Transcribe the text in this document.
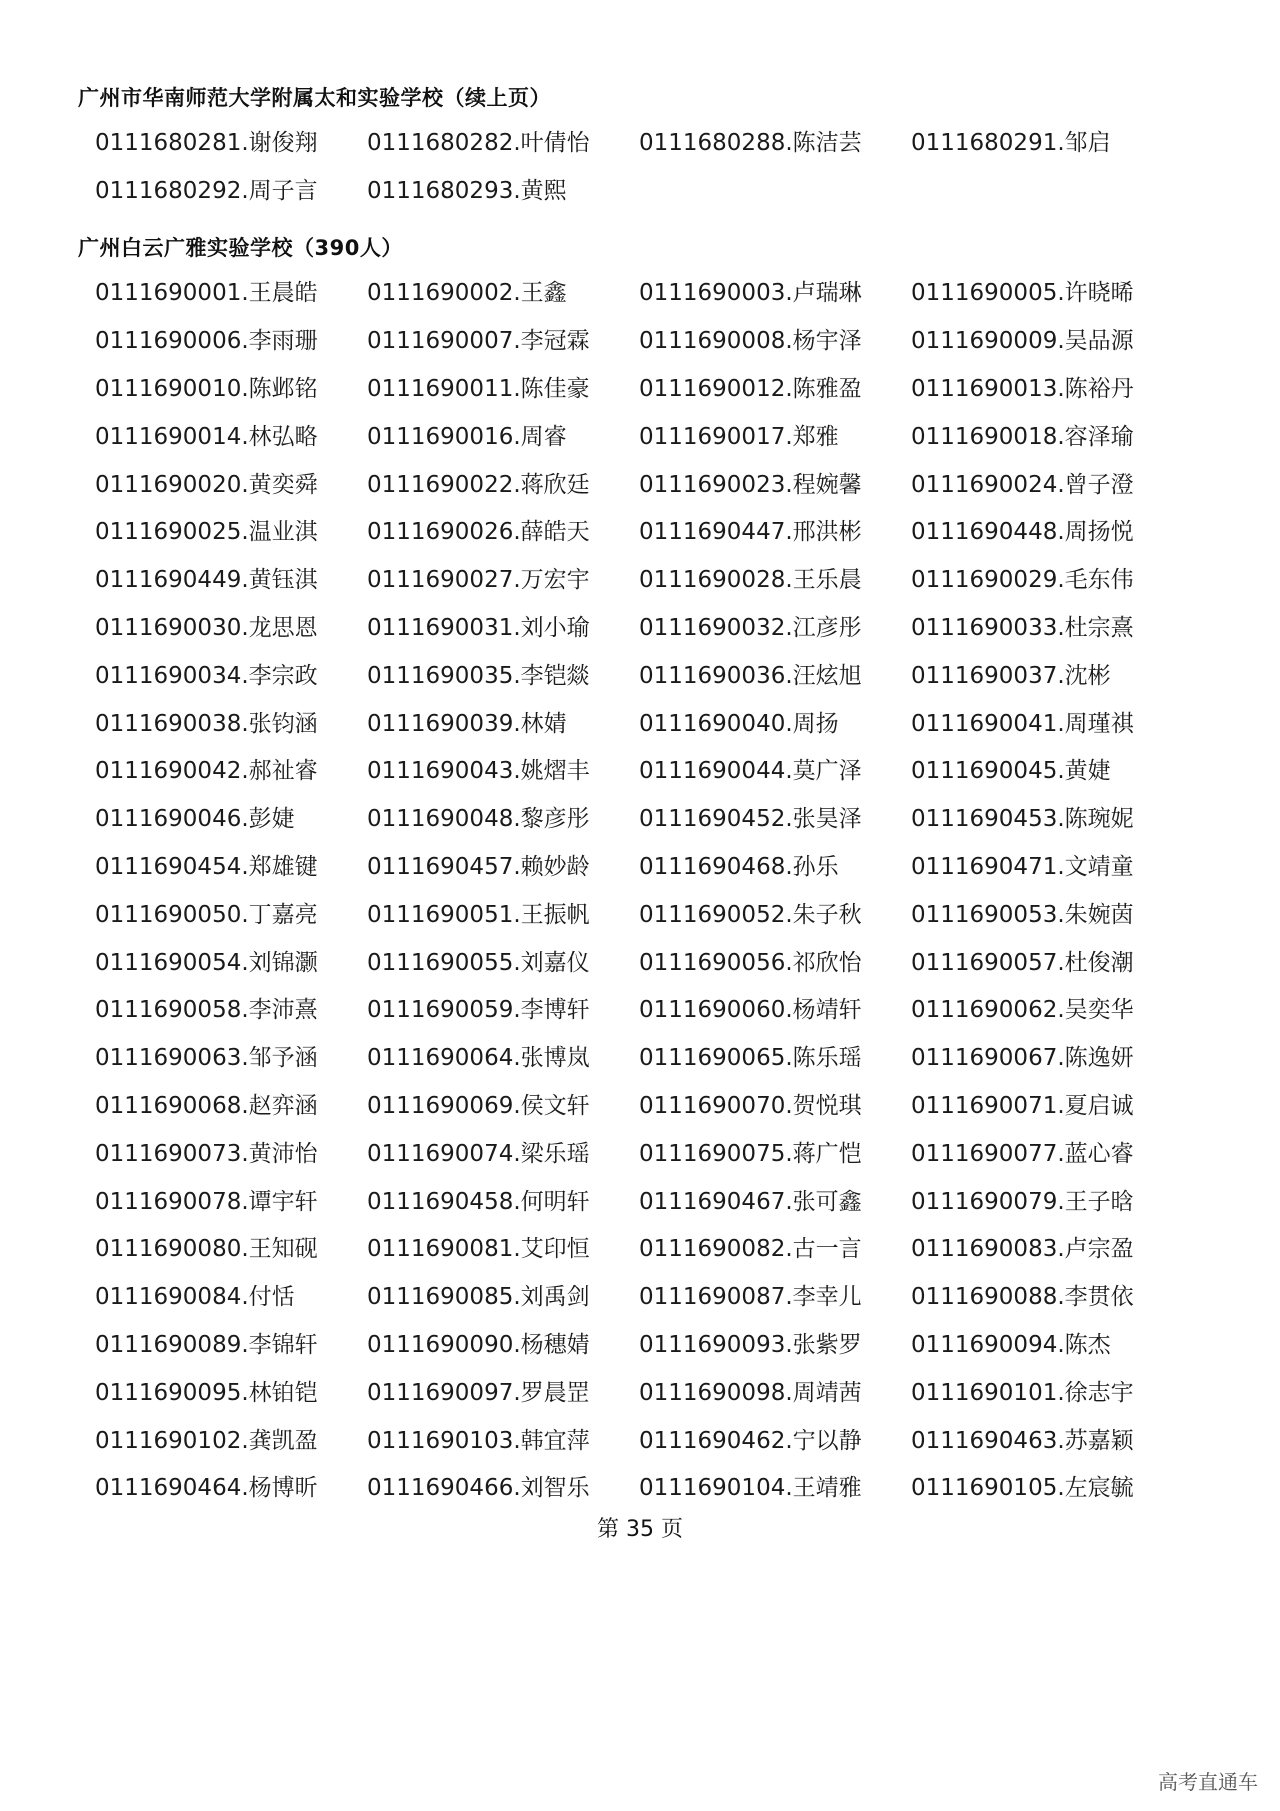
广州市华南师范大学附属太和实验学校（续上页）
0111680281.谢俊翔	0111680282.叶倩怡	0111680288.陈洁芸	0111680291.邹启
0111680292.周子言	0111680293.黄熙
广州白云广雅实验学校（390人）
0111690001.王晨皓	0111690002.王鑫	0111690003.卢瑞琳	0111690005.许晓晞
0111690006.李雨珊	0111690007.李冠霖	0111690008.杨宇泽	0111690009.吴品源
0111690010.陈邺铭	0111690011.陈佳豪	0111690012.陈雅盈	0111690013.陈裕丹
0111690014.林弘略	0111690016.周睿	0111690017.郑雅	0111690018.容泽瑜
0111690020.黄奕舜	0111690022.蒋欣廷	0111690023.程婉馨	0111690024.曾子澄
0111690025.温业淇	0111690026.薛皓天	0111690447.邢洪彬	0111690448.周扬悦
0111690449.黄钰淇	0111690027.万宏宇	0111690028.王乐晨	0111690029.毛东伟
0111690030.龙思恩	0111690031.刘小瑜	0111690032.江彦彤	0111690033.杜宗熹
0111690034.李宗政	0111690035.李铠燚	0111690036.汪炫旭	0111690037.沈彬
0111690038.张钧涵	0111690039.林婧	0111690040.周扬	0111690041.周瑾祺
0111690042.郝祉睿	0111690043.姚熠丰	0111690044.莫广泽	0111690045.黄婕
0111690046.彭婕	0111690048.黎彦彤	0111690452.张昊泽	0111690453.陈琬妮
0111690454.郑雄键	0111690457.赖妙龄	0111690468.孙乐	0111690471.文靖童
0111690050.丁嘉亮	0111690051.王振帆	0111690052.朱子秋	0111690053.朱婉茵
0111690054.刘锦灏	0111690055.刘嘉仪	0111690056.祁欣怡	0111690057.杜俊潮
0111690058.李沛熹	0111690059.李博轩	0111690060.杨靖轩	0111690062.吴奕华
0111690063.邹予涵	0111690064.张博岚	0111690065.陈乐瑶	0111690067.陈逸妍
0111690068.赵弈涵	0111690069.侯文轩	0111690070.贺悦琪	0111690071.夏启诚
0111690073.黄沛怡	0111690074.梁乐瑶	0111690075.蒋广恺	0111690077.蓝心睿
0111690078.谭宇轩	0111690458.何明轩	0111690467.张可鑫	0111690079.王子晗
0111690080.王知砚	0111690081.艾印恒	0111690082.古一言	0111690083.卢宗盈
0111690084.付恬	0111690085.刘禹剑	0111690087.李幸儿	0111690088.李贯依
0111690089.李锦轩	0111690090.杨穗婧	0111690093.张紫罗	0111690094.陈杰
0111690095.林铂铠	0111690097.罗晨罡	0111690098.周靖茜	0111690101.徐志宇
0111690102.龚凯盈	0111690103.韩宜萍	0111690462.宁以静	0111690463.苏嘉颖
0111690464.杨博昕	0111690466.刘智乐	0111690104.王靖雅	0111690105.左宸毓
第 35 页
高考直通车
